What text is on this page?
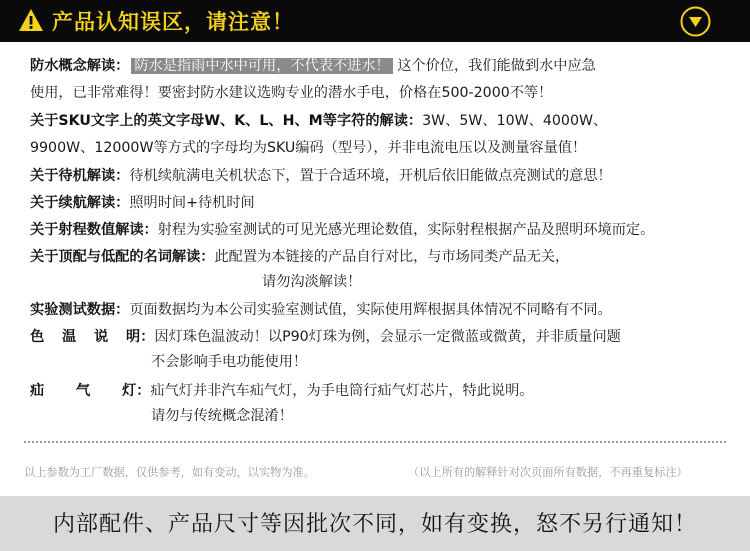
产品认知误区，请注意！
防水概念解读： 防水是指雨中水中可用，不代表不进水！ 这个价位，我们能做到水中应急
使用，已非常难得！要密封防水建议选购专业的潜水手电，价格在500-2000不等！
关于SKU文字上的英文字母W、K、L、H、M等字符的解读：3W、5W、10W、4000W、
9900W、12000W等方式的字母均为SKU编码（型号），并非电流电压以及测量容量值！
关于待机解读：待机续航满电关机状态下，置于合适环境，开机后依旧能做点亮测试的意思！
关于续航解读：照明时间+待机时间
关于射程数值解读：射程为实验室测试的可见光感光理论数值，实际射程根据产品及照明环境而定。
关于顶配与低配的名词解读：此配置为本链接的产品自行对比，与市场同类产品无关，
请勿沟淡解读！
实验测试数据：页面数据均为本公司实验室测试值，实际使用辉根据具体情况不同略有不同。
色 温 说 明：因灯珠色温波动！以P90灯珠为例，会显示一定微蓝或微黄，并非质量问题
不会影响手电功能使用！
疝 气 灯：疝气灯并非汽车疝气灯，为手电筒行疝气灯芯片，特此说明。
请勿与传统概念混淆！
以上参数为工厂数据，仅供参考，如有变动，以实物为准。	（以上所有的解释针对次页面所有数据，不再重复标注）
内部配件、产品尺寸等因批次不同，如有变换，怒不另行通知！
